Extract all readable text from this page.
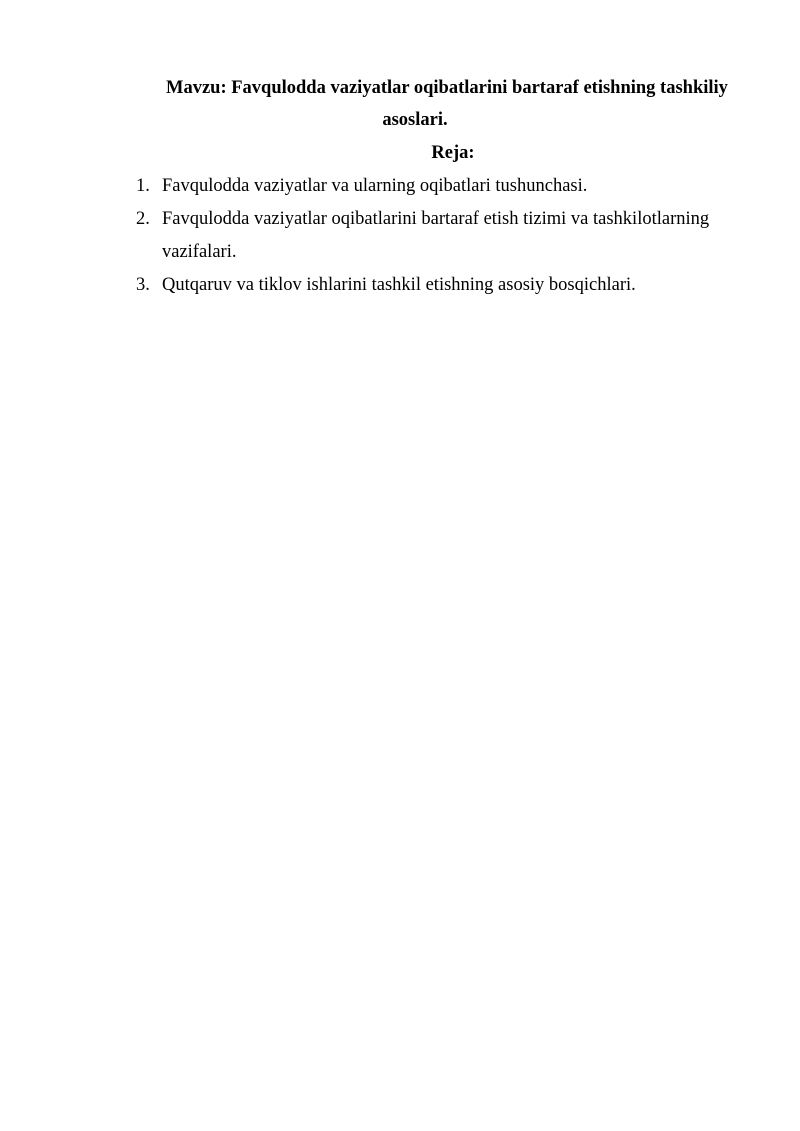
Mavzu: Favqulodda vaziyatlar oqibatlarini bartaraf etishning tashkiliy
asoslari.
Reja:
1. Favqulodda vaziyatlar va ularning oqibatlari tushunchasi.
2. Favqulodda vaziyatlar oqibatlarini bartaraf etish tizimi va tashkilotlarning
vazifalari.
3. Qutqaruv va tiklov ishlarini tashkil etishning asosiy bosqichlari.
